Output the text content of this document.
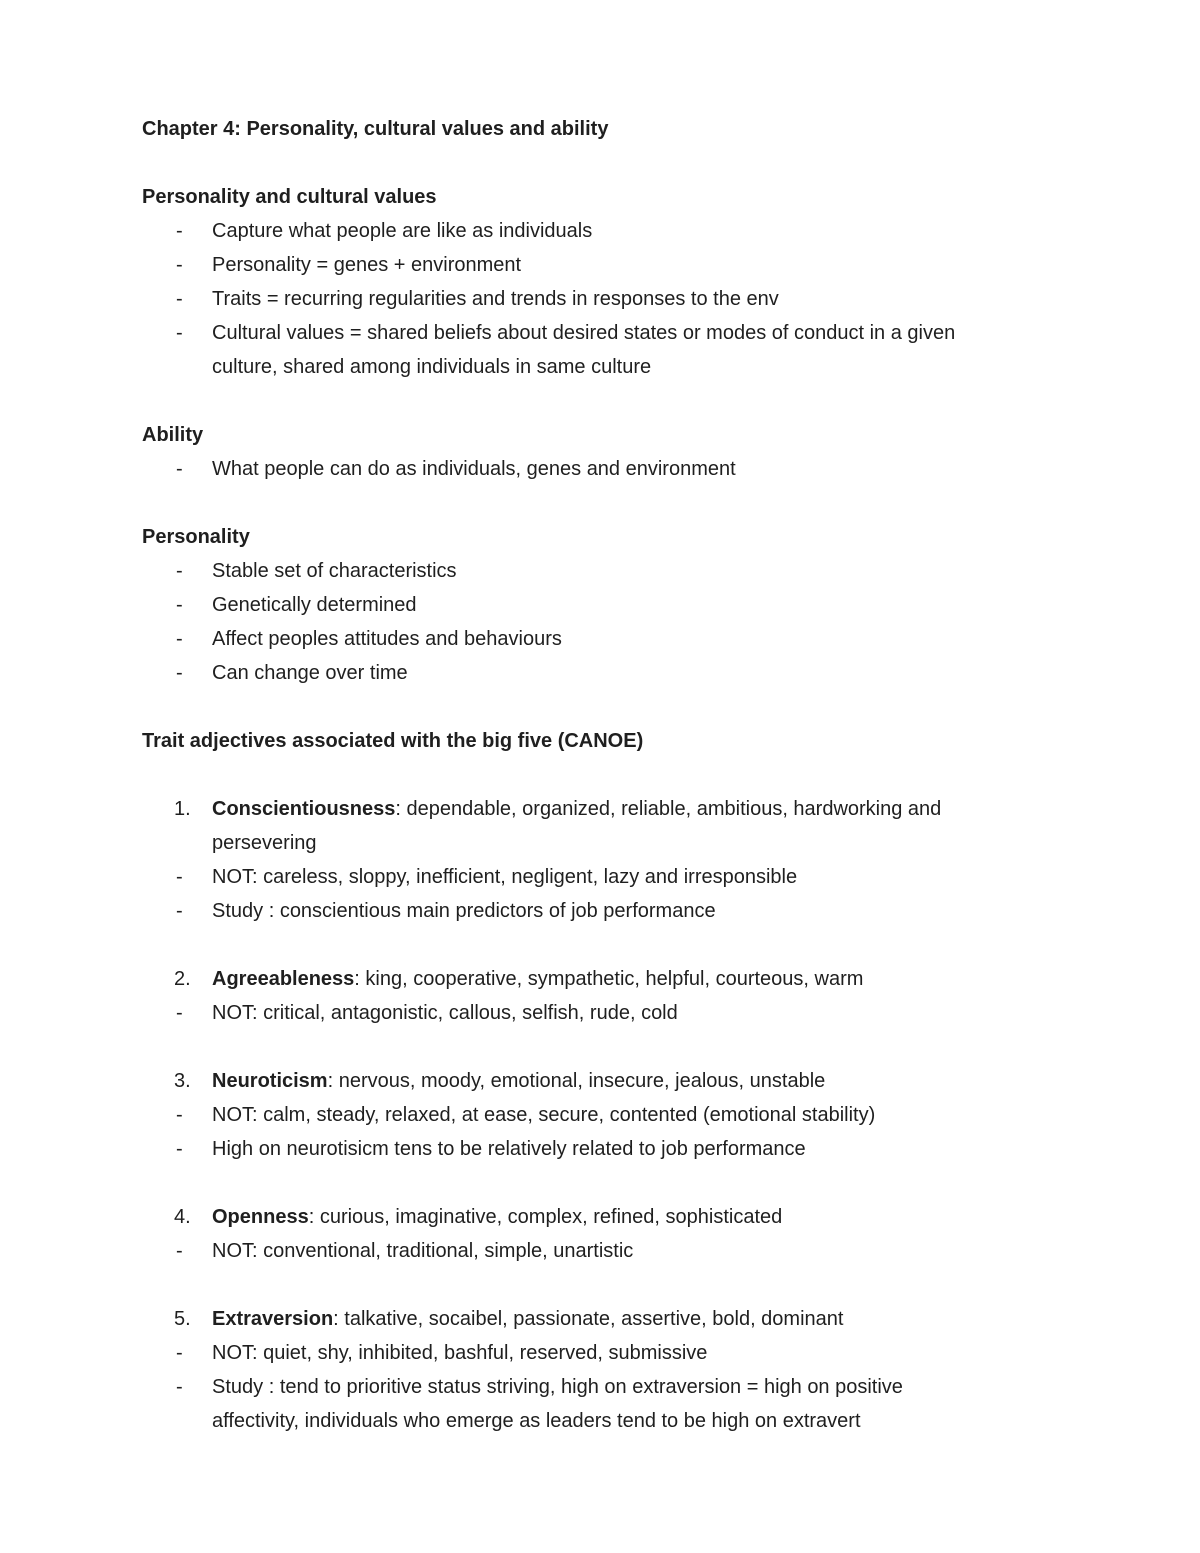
Chapter 4: Personality, cultural values and ability
Personality and cultural values
-	Capture what people are like as individuals
-	Personality = genes + environment
-	Traits = recurring regularities and trends in responses to the env
-	Cultural values = shared beliefs about desired states or modes of conduct in a given
culture, shared among individuals in same culture
Ability
-	What people can do as individuals, genes and environment
Personality
-	Stable set of characteristics
-	Genetically determined
-	Affect peoples attitudes and behaviours
-	Can change over time
Trait adjectives associated with the big five (CANOE)
1.	Conscientiousness: dependable, organized, reliable, ambitious, hardworking and
persevering
-	NOT: careless, sloppy, inefficient, negligent, lazy and irresponsible
-	Study : conscientious main predictors of job performance
2.	Agreeableness: king, cooperative, sympathetic, helpful, courteous, warm
-	NOT: critical, antagonistic, callous, selfish, rude, cold
3.	Neuroticism: nervous, moody, emotional, insecure, jealous, unstable
-	NOT: calm, steady, relaxed, at ease, secure, contented (emotional stability)
-	High on neurotisicm tens to be relatively related to job performance
4.	Openness: curious, imaginative, complex, refined, sophisticated
-	NOT: conventional, traditional, simple, unartistic
5.	Extraversion: talkative, socaibel, passionate, assertive, bold, dominant
-	NOT: quiet, shy, inhibited, bashful, reserved, submissive
-	Study : tend to prioritive status striving, high on extraversion = high on positive
affectivity, individuals who emerge as leaders tend to be high on extravert
